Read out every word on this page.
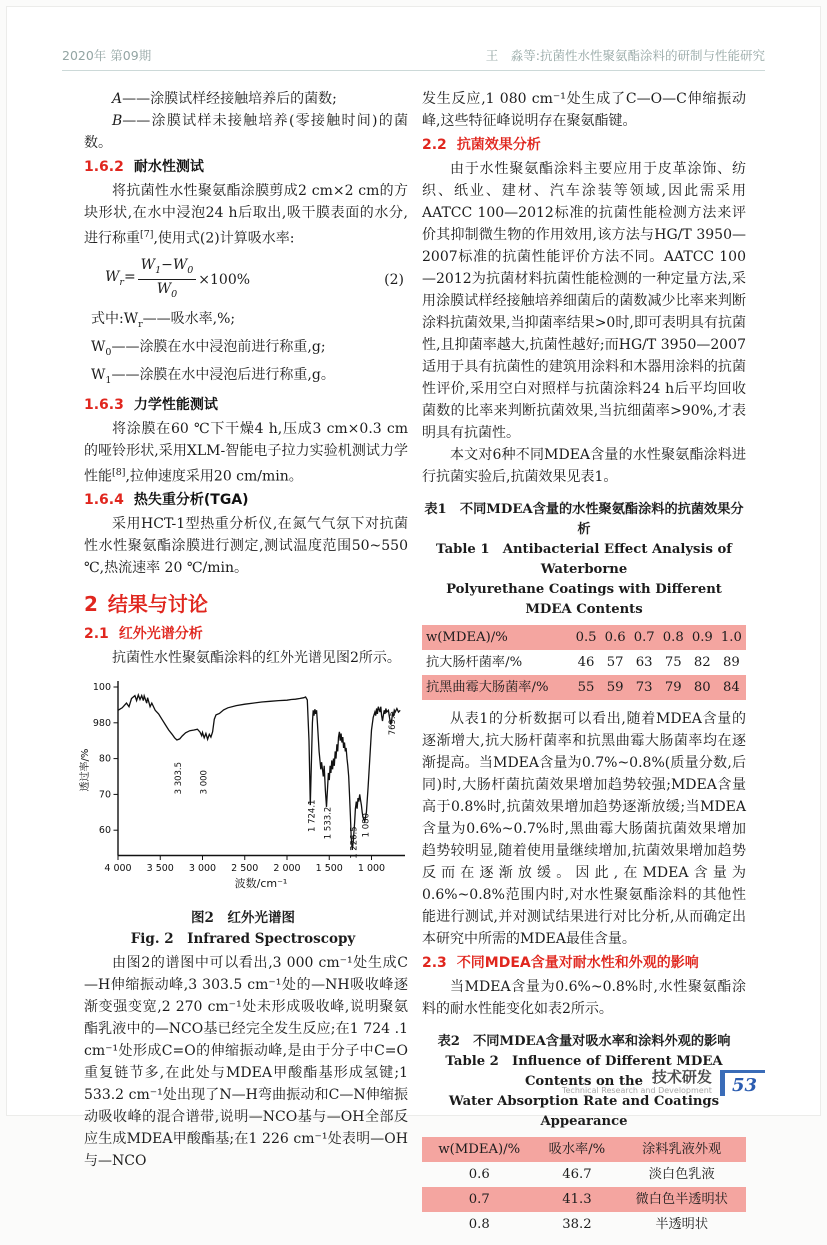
2020年 第09期	王　淼等:抗菌性水性聚氨酯涂料的研制与性能研究

A——涂膜试样经接触培养后的菌数;

B——涂膜试样未接触培养(零接触时间)的菌数。

1.6.2 耐水性测试

将抗菌性水性聚氨酯涂膜剪成2 cm×2 cm的方块形状,在水中浸泡24 h后取出,吸干膜表面的水分,进行称重[7],使用式(2)计算吸水率:

$W_r= \frac{W_1-W_0}{W_0} \times 100\%$	(2)

式中$:W_r——$吸水率,%;

$W_0——$涂膜在水中浸泡前进行称重,g;

$W_1——$涂膜在水中浸泡后进行称重,g。

1.6.3 力学性能测试

将涂膜在60 ℃下干燥4 h,压成3 cm×0.3 cm的哑铃形状,采用XLM-智能电子拉力实验机测试力学性能[8],拉伸速度采用20 cm/min。

1.6.4 热失重分析(TGA)

采用HCT-1型热重分析仪,在氮气气氛下对抗菌性水性聚氨酯涂膜进行测定,测试温度范围50~550 ℃,热流速率 20 ℃/min。

2 结果与讨论
2.1 红外光谱分析

抗菌性水性聚氨酯涂料的红外光谱见图2所示。

波数/cm⁻¹
透过率/%
4 000 3 500 3 000 2 500 2 000 1 500 1 000
100
980
80
70
60
3 303.5 3 000
1 724.1 1 533.2
1 226.5
1 080
769.5

图2　红外光谱图

Fig. 2　Infrared Spectroscopy

由图2的谱图中可以看出,3 000 cm⁻¹处生成C—H伸缩振动峰,3 303.5 cm⁻¹处的—NH吸收峰逐渐变强变宽,2 270 cm⁻¹处未形成吸收峰,说明聚氨酯乳液中的—NCO基已经完全发生反应;在1 724 .1 cm⁻¹处形成C=O的伸缩振动峰,是由于分子中C=O重复链节多,在此处与MDEA甲酸酯基形成氢键;1 533.2 cm⁻¹处出现了N—H弯曲振动和C—N伸缩振动吸收峰的混合谱带,说明—NCO基与—OH全部反应生成MDEA甲酸酯基;在1 226 cm⁻¹处表明—OH与—NCO

发生反应,1 080 cm⁻¹处生成了C—O—C伸缩振动峰,这些特征峰说明存在聚氨酯键。

2.2 抗菌效果分析

由于水性聚氨酯涂料主要应用于皮革涂饰、纺织、纸业、建材、汽车涂装等领域,因此需采用AATCC 100—2012标准的抗菌性能检测方法来评价其抑制微生物的作用效用,该方法与HG/T 3950—2007标准的抗菌性能评价方法不同。AATCC 100—2012为抗菌材料抗菌性能检测的一种定量方法,采用涂膜试样经接触培养细菌后的菌数减少比率来判断涂料抗菌效果,当抑菌率结果>0时,即可表明具有抗菌性,且抑菌率越大,抗菌性越好;而HG/T 3950—2007适用于具有抗菌性的建筑用涂料和木器用涂料的抗菌性评价,采用空白对照样与抗菌涂料24 h后平均回收菌数的比率来判断抗菌效果,当抗细菌率>90%,才表明具有抗菌性。

本文对6种不同MDEA含量的水性聚氨酯涂料进行抗菌实验后,抗菌效果见表1。

表1　不同MDEA含量的水性聚氨酯涂料的抗菌效果分析

Table 1　Antibacterial Effect Analysis of Waterborne

Polyurethane Coatings with Different MDEA Contents

w(MDEA)/%	0.5	0.6	0.7	0.8	0.9	1.0
抗大肠杆菌率/%	46	57	63	75	82	89
抗黑曲霉大肠菌率/%	55	59	73	79	80	84

从表1的分析数据可以看出,随着MDEA含量的逐渐增大,抗大肠杆菌率和抗黑曲霉大肠菌率均在逐渐提高。当MDEA含量为0.7%~0.8%(质量分数,后同)时,大肠杆菌抗菌效果增加趋势较强;MDEA含量高于0.8%时,抗菌效果增加趋势逐渐放缓;当MDEA含量为0.6%~0.7%时,黑曲霉大肠菌抗菌效果增加趋势较明显,随着使用量继续增加,抗菌效果增加趋势反而在逐渐放缓。因此,在MDEA含量为0.6%~0.8%范围内时,对水性聚氨酯涂料的其他性能进行测试,并对测试结果进行对比分析,从而确定出本研究中所需的MDEA最佳含量。

2.3 不同MDEA含量对耐水性和外观的影响

当MDEA含量为0.6%~0.8%时,水性聚氨酯涂料的耐水性能变化如表2所示。

表2　不同MDEA含量对吸水率和涂料外观的影响

Table 2　Influence of Different MDEA Contents on the

Water Absorption Rate and Coatings Appearance

w(MDEA)/%	吸水率/%	涂料乳液外观
0.6	46.7	淡白色乳液
0.7	41.3	微白色半透明状
0.8	38.2	半透明状
技术研发
Technical Research and Development	53
